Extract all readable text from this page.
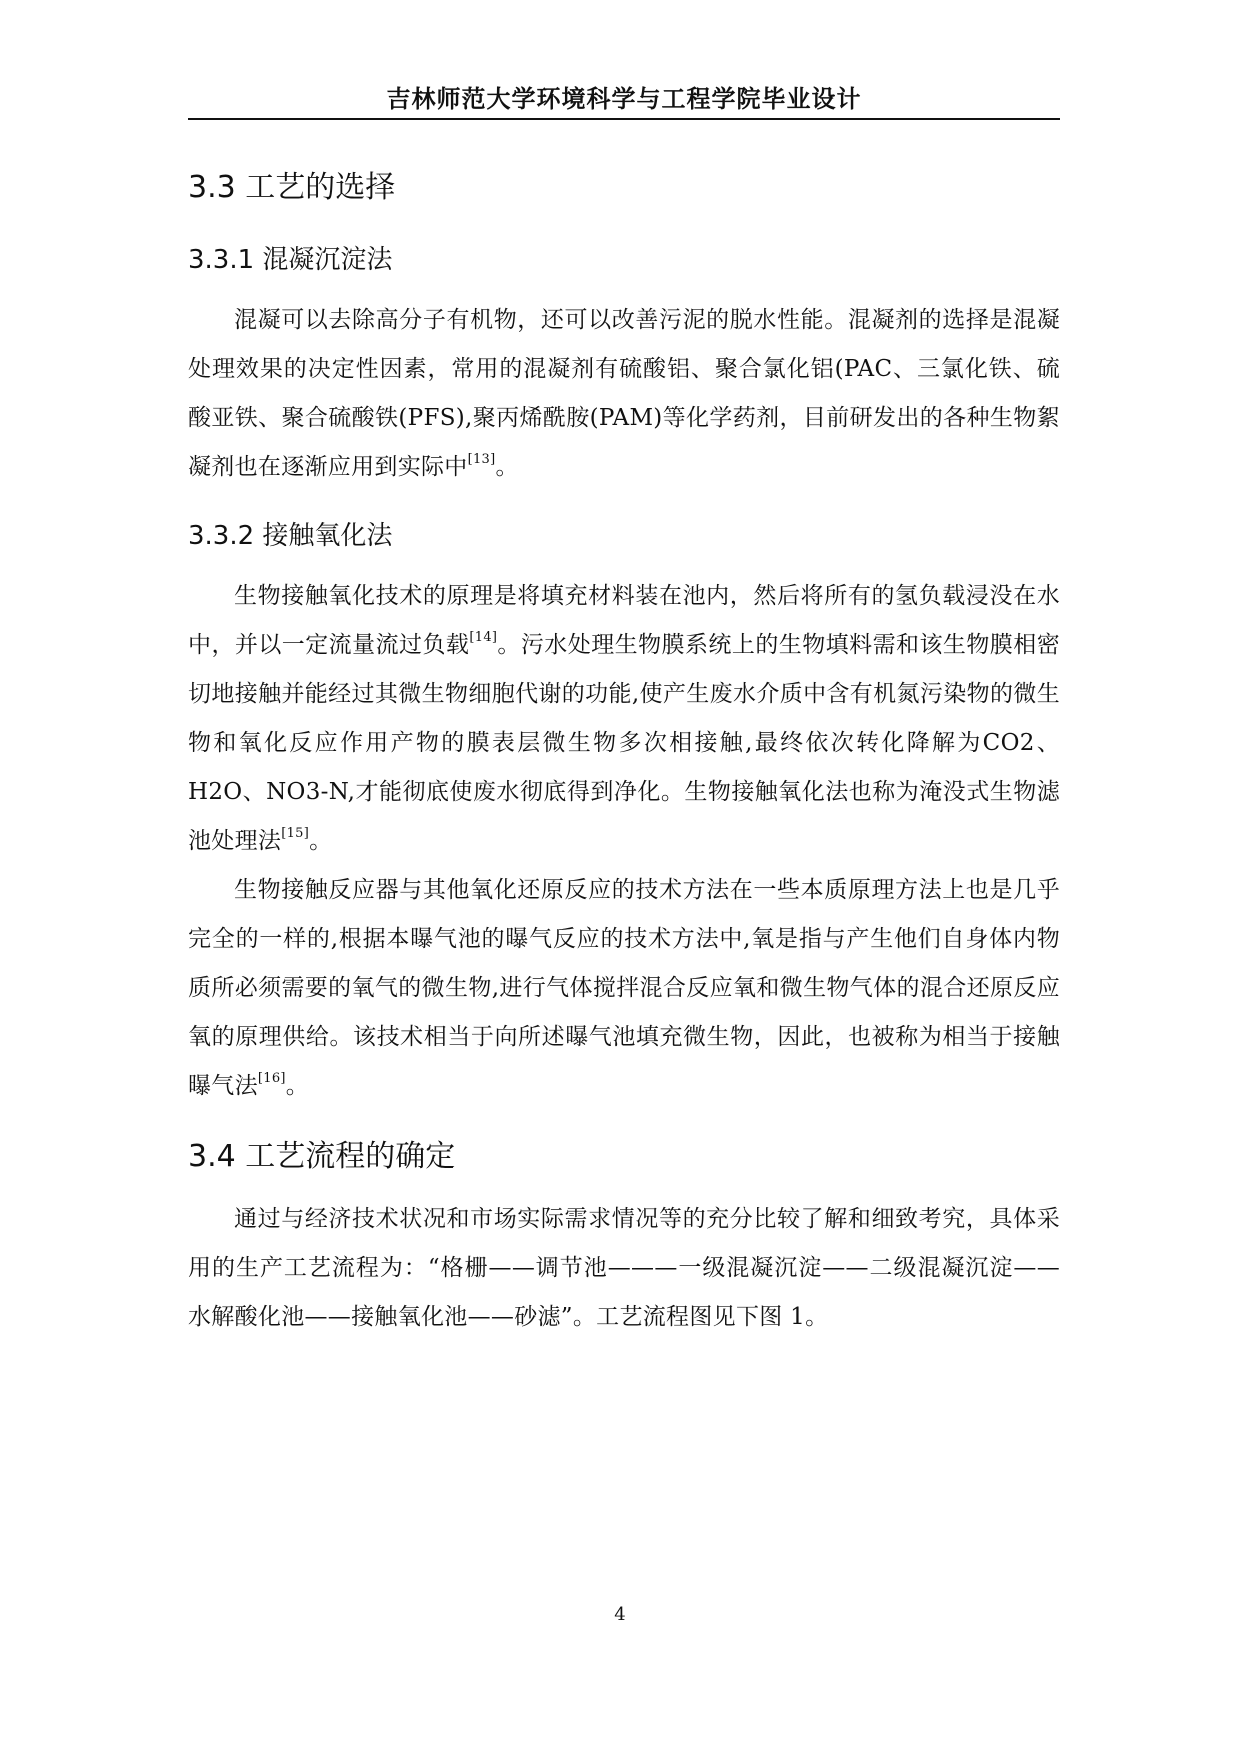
吉林师范大学环境科学与工程学院毕业设计
3.3 工艺的选择
3.3.1 混凝沉淀法

混凝可以去除高分子有机物，还可以改善污泥的脱水性能。混凝剂的选择是混凝处理效果的决定性因素，常用的混凝剂有硫酸铝、聚合氯化铝(PAC、三氯化铁、硫酸亚铁、聚合硫酸铁(PFS),聚丙烯酰胺(PAM)等化学药剂，目前研发出的各种生物絮凝剂也在逐渐应用到实际中[13]。

3.3.2 接触氧化法

生物接触氧化技术的原理是将填充材料装在池内，然后将所有的氢负载浸没在水中，并以一定流量流过负载[14]。污水处理生物膜系统上的生物填料需和该生物膜相密切地接触并能经过其微生物细胞代谢的功能,使产生废水介质中含有机氮污染物的微生物和氧化反应作用产物的膜表层微生物多次相接触,最终依次转化降解为CO2、H2O、NO3-N,才能彻底使废水彻底得到净化。生物接触氧化法也称为淹没式生物滤池处理法[15]。

生物接触反应器与其他氧化还原反应的技术方法在一些本质原理方法上也是几乎完全的一样的,根据本曝气池的曝气反应的技术方法中,氧是指与产生他们自身体内物质所必须需要的氧气的微生物,进行气体搅拌混合反应氧和微生物气体的混合还原反应氧的原理供给。该技术相当于向所述曝气池填充微生物，因此，也被称为相当于接触曝气法[16]。

3.4 工艺流程的确定

通过与经济技术状况和市场实际需求情况等的充分比较了解和细致考究，具体采用的生产工艺流程为：“格栅——调节池———一级混凝沉淀——二级混凝沉淀——水解酸化池——接触氧化池——砂滤”。工艺流程图见下图 1。

4
